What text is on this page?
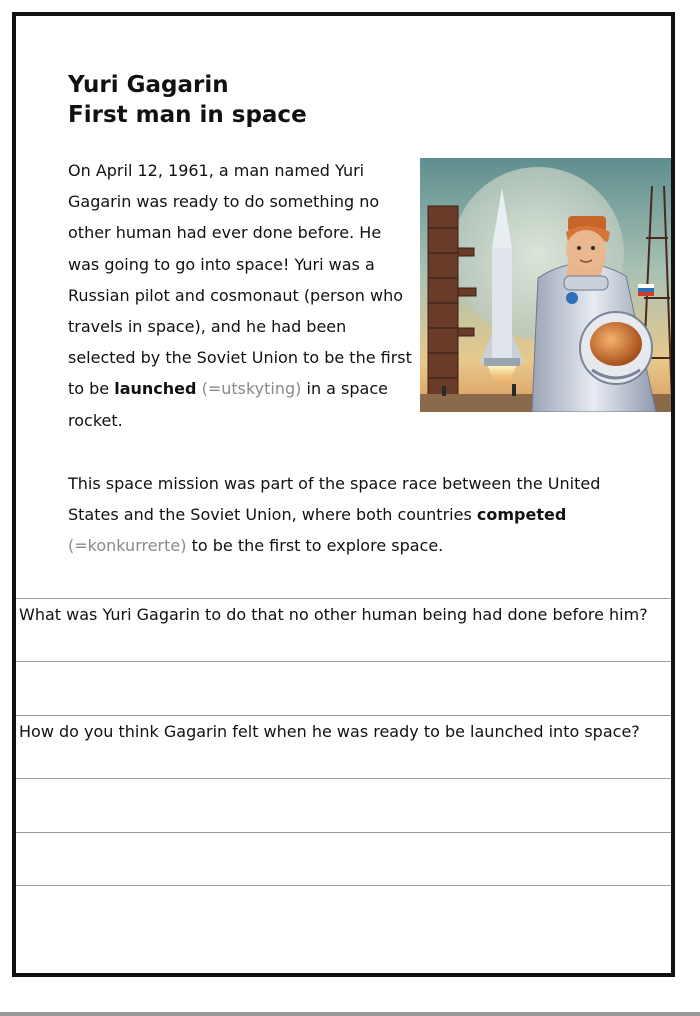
Yuri Gagarin
First man in space

On April 12, 1961, a man named Yuri Gagarin was ready to do something no other human had ever done before. He was going to go into space! Yuri was a Russian pilot and cosmonaut (person who travels in space), and he had been selected by the Soviet Union to be the first to be launched (=utskyting) in a space rocket.

This space mission was part of the space race between the United States and the Soviet Union, where both countries competed (=konkurrerte) to be the first to explore space.

What was Yuri Gagarin to do that no other human being had done before him?
How do you think Gagarin felt when he was ready to be launched into space?
